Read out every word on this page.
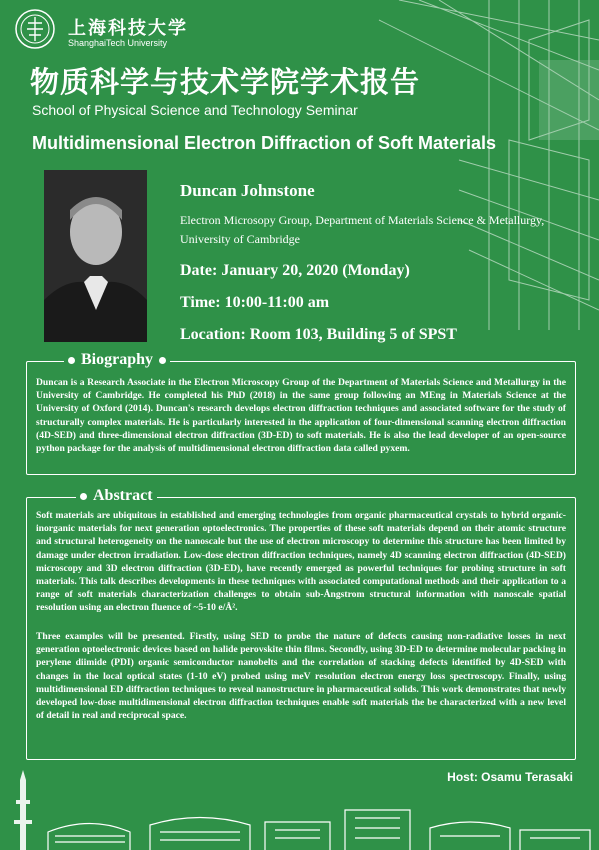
上海科技大学
ShanghaiTech University
物质科学与技术学院学术报告
School of Physical Science and Technology Seminar
Multidimensional Electron Diffraction of Soft Materials
Duncan Johnstone
Electron Microsopy Group, Department of Materials Science & Metallurgy, University of Cambridge
Date: January 20, 2020 (Monday)
Time: 10:00-11:00 am
Location: Room 103, Building 5 of SPST
Biography
Duncan is a Research Associate in the Electron Microscopy Group of the Department of Materials Science and Metallurgy in the University of Cambridge. He completed his PhD (2018) in the same group following an MEng in Materials Science at the University of Oxford (2014). Duncan's research develops electron diffraction techniques and associated software for the study of structurally complex materials. He is particularly interested in the application of four-dimensional scanning electron diffraction (4D-SED) and three-dimensional electron diffraction (3D-ED) to soft materials. He is also the lead developer of an open-source python package for the analysis of multidimensional electron diffraction data called pyxem.
Abstract
Soft materials are ubiquitous in established and emerging technologies from organic pharmaceutical crystals to hybrid organic-inorganic materials for next generation optoelectronics. The properties of these soft materials depend on their atomic structure and structural heterogeneity on the nanoscale but the use of electron microscopy to determine this structure has been limited by damage under electron irradiation. Low-dose electron diffraction techniques, namely 4D scanning electron diffraction (4D-SED) microscopy and 3D electron diffraction (3D-ED), have recently emerged as powerful techniques for probing structure in soft materials. This talk describes developments in these techniques with associated computational methods and their application to a range of soft materials characterization challenges to obtain sub-Ångstrom structural information with nanoscale spatial resolution using an electron fluence of ~5-10 e/Å².
Three examples will be presented. Firstly, using SED to probe the nature of defects causing non-radiative losses in next generation optoelectronic devices based on halide perovskite thin films. Secondly, using 3D-ED to determine molecular packing in perylene diimide (PDI) organic semiconductor nanobelts and the correlation of stacking defects identified by 4D-SED with changes in the local optical states (1-10 eV) probed using meV resolution electron energy loss spectroscopy. Finally, using multidimensional ED diffraction techniques to reveal nanostructure in pharmaceutical solids. This work demonstrates that newly developed low-dose multidimensional electron diffraction techniques enable soft materials the be characterized with a new level of detail in real and reciprocal space.
Host: Osamu Terasaki
